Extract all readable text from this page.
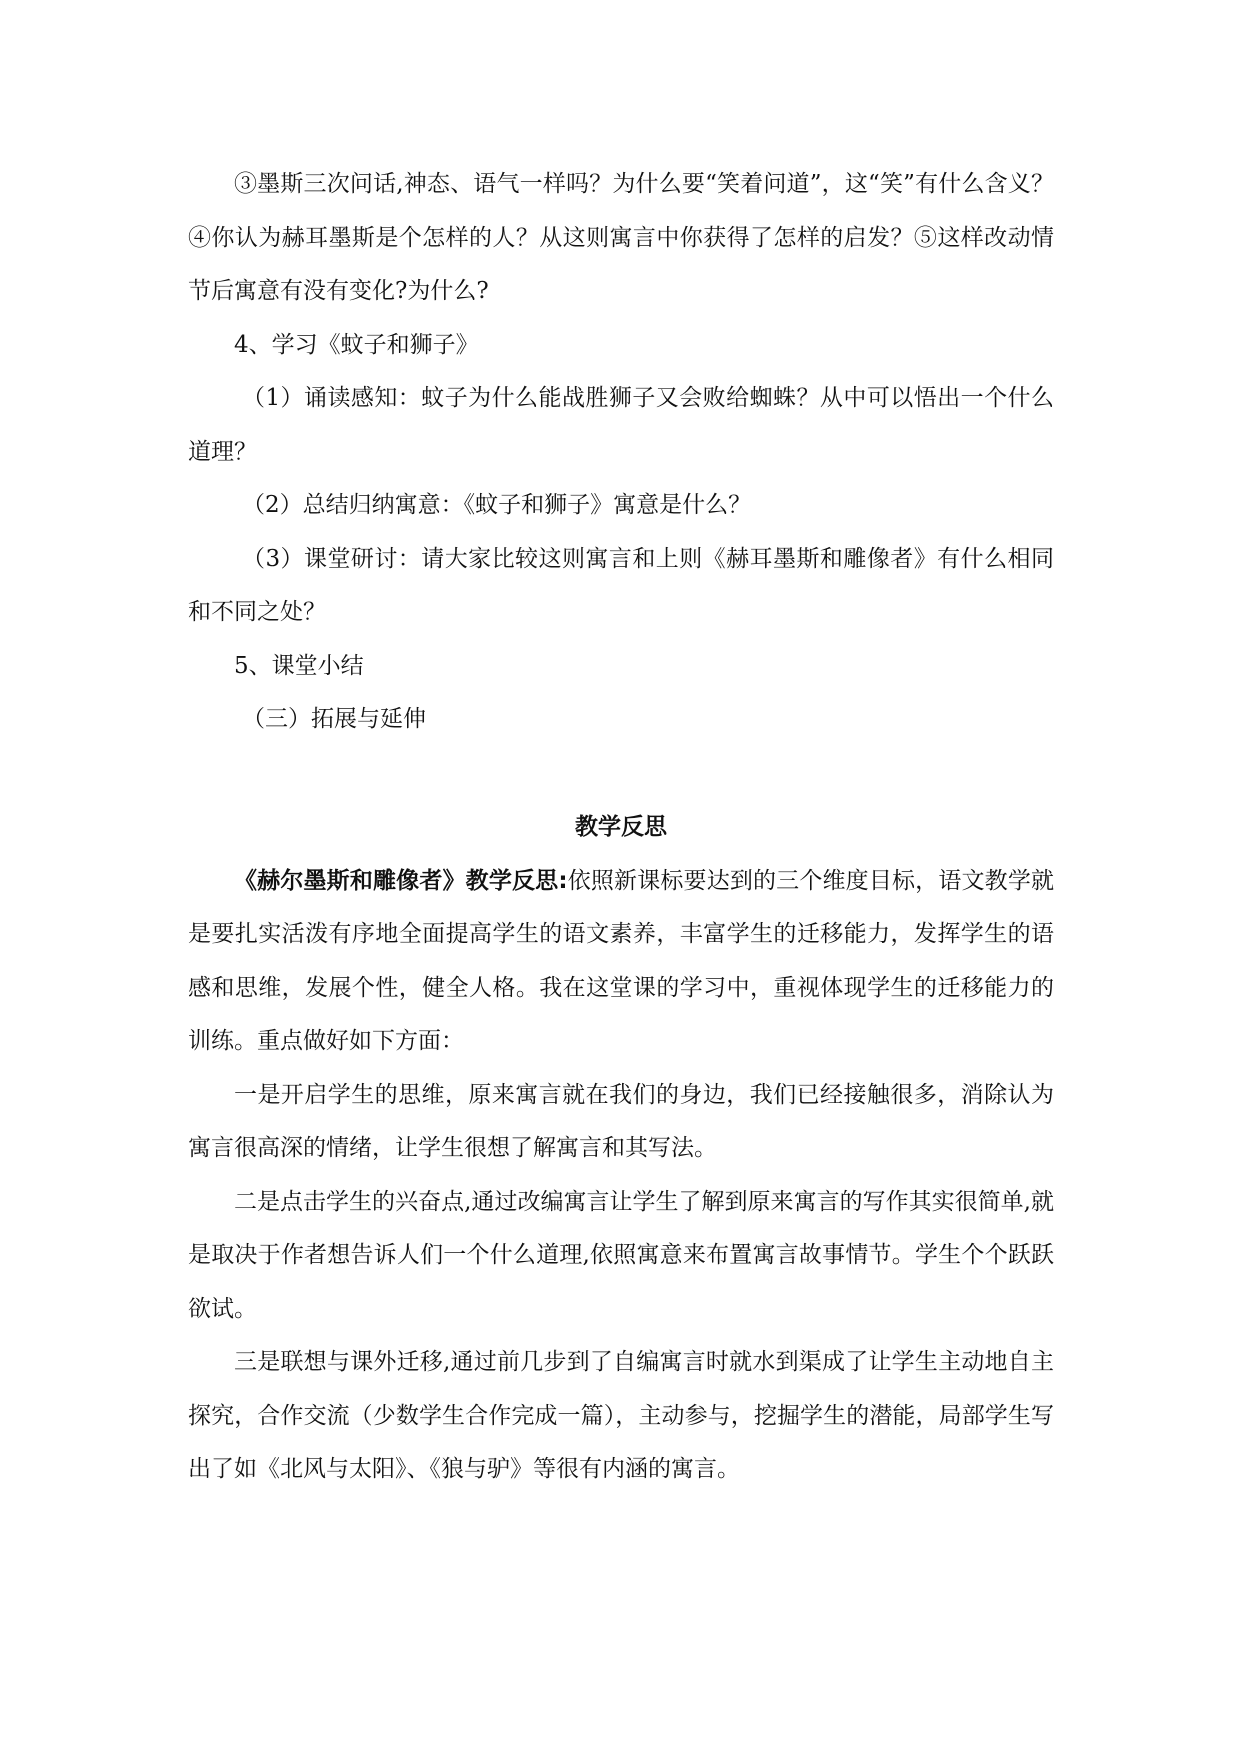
③墨斯三次问话,神态、语气一样吗？为什么要“笑着问道”，这“笑”有什么含义？ ④你认为赫耳墨斯是个怎样的人？从这则寓言中你获得了怎样的启发？⑤这样改动情节后寓意有没有变化?为什么?

4、学习《蚊子和狮子》

（1）诵读感知：蚊子为什么能战胜狮子又会败给蜘蛛？从中可以悟出一个什么道理？

（2）总结归纳寓意：《蚊子和狮子》寓意是什么？

（3）课堂研讨：请大家比较这则寓言和上则《赫耳墨斯和雕像者》有什么相同和不同之处？

5、课堂小结

（三）拓展与延伸

教学反思

《赫尔墨斯和雕像者》教学反思:依照新课标要达到的三个维度目标，语文教学就是要扎实活泼有序地全面提高学生的语文素养，丰富学生的迁移能力，发挥学生的语感和思维，发展个性，健全人格。我在这堂课的学习中，重视体现学生的迁移能力的训练。重点做好如下方面：

一是开启学生的思维，原来寓言就在我们的身边，我们已经接触很多，消除认为寓言很高深的情绪，让学生很想了解寓言和其写法。

二是点击学生的兴奋点,通过改编寓言让学生了解到原来寓言的写作其实很简单,就是取决于作者想告诉人们一个什么道理,依照寓意来布置寓言故事情节。学生个个跃跃欲试。

三是联想与课外迁移,通过前几步到了自编寓言时就水到渠成了让学生主动地自主探究，合作交流（少数学生合作完成一篇），主动参与，挖掘学生的潜能，局部学生写出了如《北风与太阳》、《狼与驴》等很有内涵的寓言。
